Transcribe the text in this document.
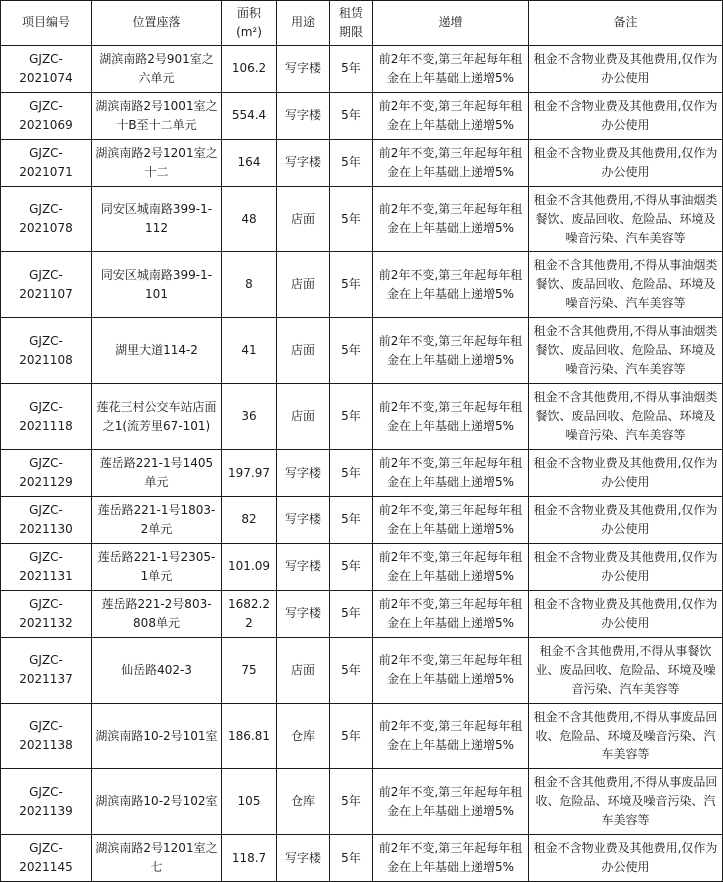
项目编号	位置座落	面积 (m²)	用途	租赁 期限	递增	备注
GJZC-2021074	湖滨南路2号901室之六单元	106.2	写字楼	5年	前2年不变,第三年起每年租金在上年基础上递增5%	租金不含物业费及其他费用,仅作为办公使用
GJZC-2021069	湖滨南路2号1001室之十B至十二单元	554.4	写字楼	5年	前2年不变,第三年起每年租金在上年基础上递增5%	租金不含物业费及其他费用,仅作为办公使用
GJZC-2021071	湖滨南路2号1201室之十二	164	写字楼	5年	前2年不变,第三年起每年租金在上年基础上递增5%	租金不含物业费及其他费用,仅作为办公使用
GJZC-2021078	同安区城南路399-1-112	48	店面	5年	前2年不变,第三年起每年租金在上年基础上递增5%	租金不含其他费用,不得从事油烟类餐饮、废品回收、危险品、环境及噪音污染、汽车美容等
GJZC-2021107	同安区城南路399-1-101	8	店面	5年	前2年不变,第三年起每年租金在上年基础上递增5%	租金不含其他费用,不得从事油烟类餐饮、废品回收、危险品、环境及噪音污染、汽车美容等
GJZC-2021108	湖里大道114-2	41	店面	5年	前2年不变,第三年起每年租金在上年基础上递增5%	租金不含其他费用,不得从事油烟类餐饮、废品回收、危险品、环境及噪音污染、汽车美容等
GJZC-2021118	莲花三村公交车站店面之1(流芳里67-101)	36	店面	5年	前2年不变,第三年起每年租金在上年基础上递增5%	租金不含其他费用,不得从事油烟类餐饮、废品回收、危险品、环境及噪音污染、汽车美容等
GJZC-2021129	莲岳路221-1号1405单元	197.97	写字楼	5年	前2年不变,第三年起每年租金在上年基础上递增5%	租金不含物业费及其他费用,仅作为办公使用
GJZC-2021130	莲岳路221-1号1803-2单元	82	写字楼	5年	前2年不变,第三年起每年租金在上年基础上递增5%	租金不含物业费及其他费用,仅作为办公使用
GJZC-2021131	莲岳路221-1号2305-1单元	101.09	写字楼	5年	前2年不变,第三年起每年租金在上年基础上递增5%	租金不含物业费及其他费用,仅作为办公使用
GJZC-2021132	莲岳路221-2号803-808单元	1682.22	写字楼	5年	前2年不变,第三年起每年租金在上年基础上递增5%	租金不含物业费及其他费用,仅作为办公使用
GJZC-2021137	仙岳路402-3	75	店面	5年	前2年不变,第三年起每年租金在上年基础上递增5%	租金不含其他费用,不得从事餐饮业、废品回收、危险品、环境及噪音污染、汽车美容等
GJZC-2021138	湖滨南路10-2号101室	186.81	仓库	5年	前2年不变,第三年起每年租金在上年基础上递增5%	租金不含其他费用,不得从事废品回收、危险品、环境及噪音污染、汽车美容等
GJZC-2021139	湖滨南路10-2号102室	105	仓库	5年	前2年不变,第三年起每年租金在上年基础上递增5%	租金不含其他费用,不得从事废品回收、危险品、环境及噪音污染、汽车美容等
GJZC-2021145	湖滨南路2号1201室之七	118.7	写字楼	5年	前2年不变,第三年起每年租金在上年基础上递增5%	租金不含物业费及其他费用,仅作为办公使用
